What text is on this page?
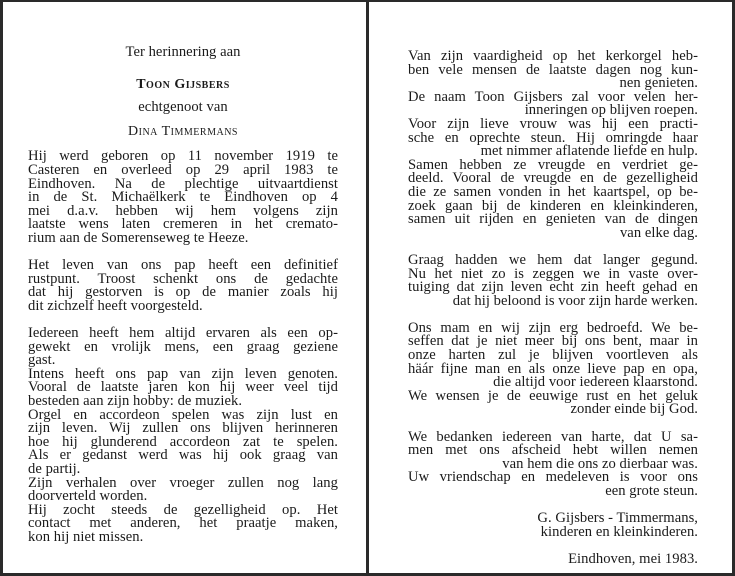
Ter herinnering aan
Toon Gijsbers
echtgenoot van
Dina Timmermans
Hij werd geboren op 11 november 1919 te
Casteren en overleed op 29 april 1983 te
Eindhoven. Na de plechtige uitvaartdienst
in de St. Michaëlkerk te Eindhoven op 4
mei d.a.v. hebben wij hem volgens zijn
laatste wens laten cremeren in het cremato-
rium aan de Somerenseweg te Heeze.
Het leven van ons pap heeft een definitief
rustpunt. Troost schenkt ons de gedachte
dat hij gestorven is op de manier zoals hij
dit zichzelf heeft voorgesteld.
Iedereen heeft hem altijd ervaren als een op-
gewekt en vrolijk mens, een graag geziene
gast.
Intens heeft ons pap van zijn leven genoten.
Vooral de laatste jaren kon hij weer veel tijd
besteden aan zijn hobby: de muziek.
Orgel en accordeon spelen was zijn lust en
zijn leven. Wij zullen ons blijven herinneren
hoe hij glunderend accordeon zat te spelen.
Als er gedanst werd was hij ook graag van
de partij.
Zijn verhalen over vroeger zullen nog lang
doorverteld worden.
Hij zocht steeds de gezelligheid op. Het
contact met anderen, het praatje maken,
kon hij niet missen.
Van zijn vaardigheid op het kerkorgel heb-
ben vele mensen de laatste dagen nog kun-
nen genieten.
De naam Toon Gijsbers zal voor velen her-
inneringen op blijven roepen.
Voor zijn lieve vrouw was hij een practi-
sche en oprechte steun. Hij omringde haar
met nimmer aflatende liefde en hulp.
Samen hebben ze vreugde en verdriet ge-
deeld. Vooral de vreugde en de gezelligheid
die ze samen vonden in het kaartspel, op be-
zoek gaan bij de kinderen en kleinkinderen,
samen uit rijden en genieten van de dingen
van elke dag.
Graag hadden we hem dat langer gegund.
Nu het niet zo is zeggen we in vaste over-
tuiging dat zijn leven echt zin heeft gehad en
dat hij beloond is voor zijn harde werken.
Ons mam en wij zijn erg bedroefd. We be-
seffen dat je niet meer bij ons bent, maar in
onze harten zul je blijven voortleven als
häár fijne man en als onze lieve pap en opa,
die altijd voor iedereen klaarstond.
We wensen je de eeuwige rust en het geluk
zonder einde bij God.
We bedanken iedereen van harte, dat U sa-
men met ons afscheid hebt willen nemen
van hem die ons zo dierbaar was.
Uw vriendschap en medeleven is voor ons
een grote steun.
G. Gijsbers - Timmermans,
kinderen en kleinkinderen.
Eindhoven, mei 1983.
